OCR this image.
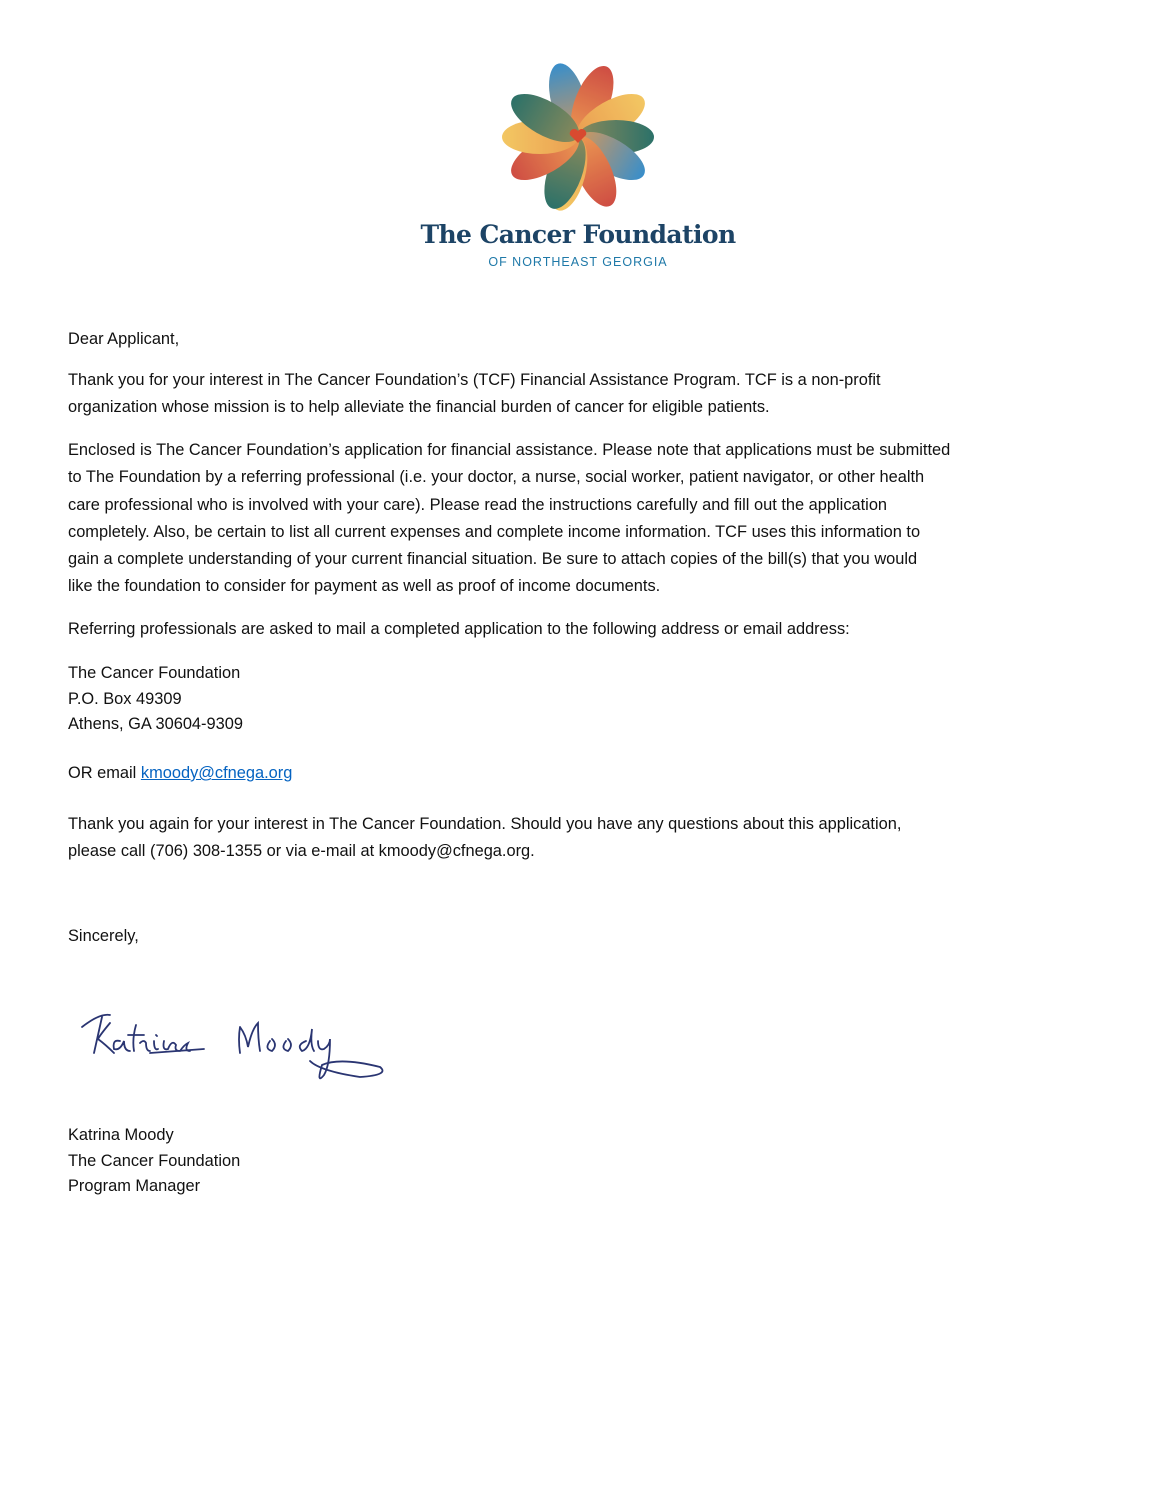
The Cancer Foundation
OF NORTHEAST GEORGIA
Dear Applicant,
Thank you for your interest in The Cancer Foundation’s (TCF) Financial Assistance Program. TCF is a non-profit
organization whose mission is to help alleviate the financial burden of cancer for eligible patients.
Enclosed is The Cancer Foundation’s application for financial assistance. Please note that applications must be submitted
to The Foundation by a referring professional (i.e. your doctor, a nurse, social worker, patient navigator, or other health
care professional who is involved with your care). Please read the instructions carefully and fill out the application
completely. Also, be certain to list all current expenses and complete income information. TCF uses this information to
gain a complete understanding of your current financial situation. Be sure to attach copies of the bill(s) that you would
like the foundation to consider for payment as well as proof of income documents.
Referring professionals are asked to mail a completed application to the following address or email address:
The Cancer Foundation
P.O. Box 49309
Athens, GA 30604-9309
OR email kmoody@cfnega.org
Thank you again for your interest in The Cancer Foundation. Should you have any questions about this application,
please call (706) 308-1355 or via e-mail at kmoody@cfnega.org.
Sincerely,
Katrina Moody
The Cancer Foundation
Program Manager
